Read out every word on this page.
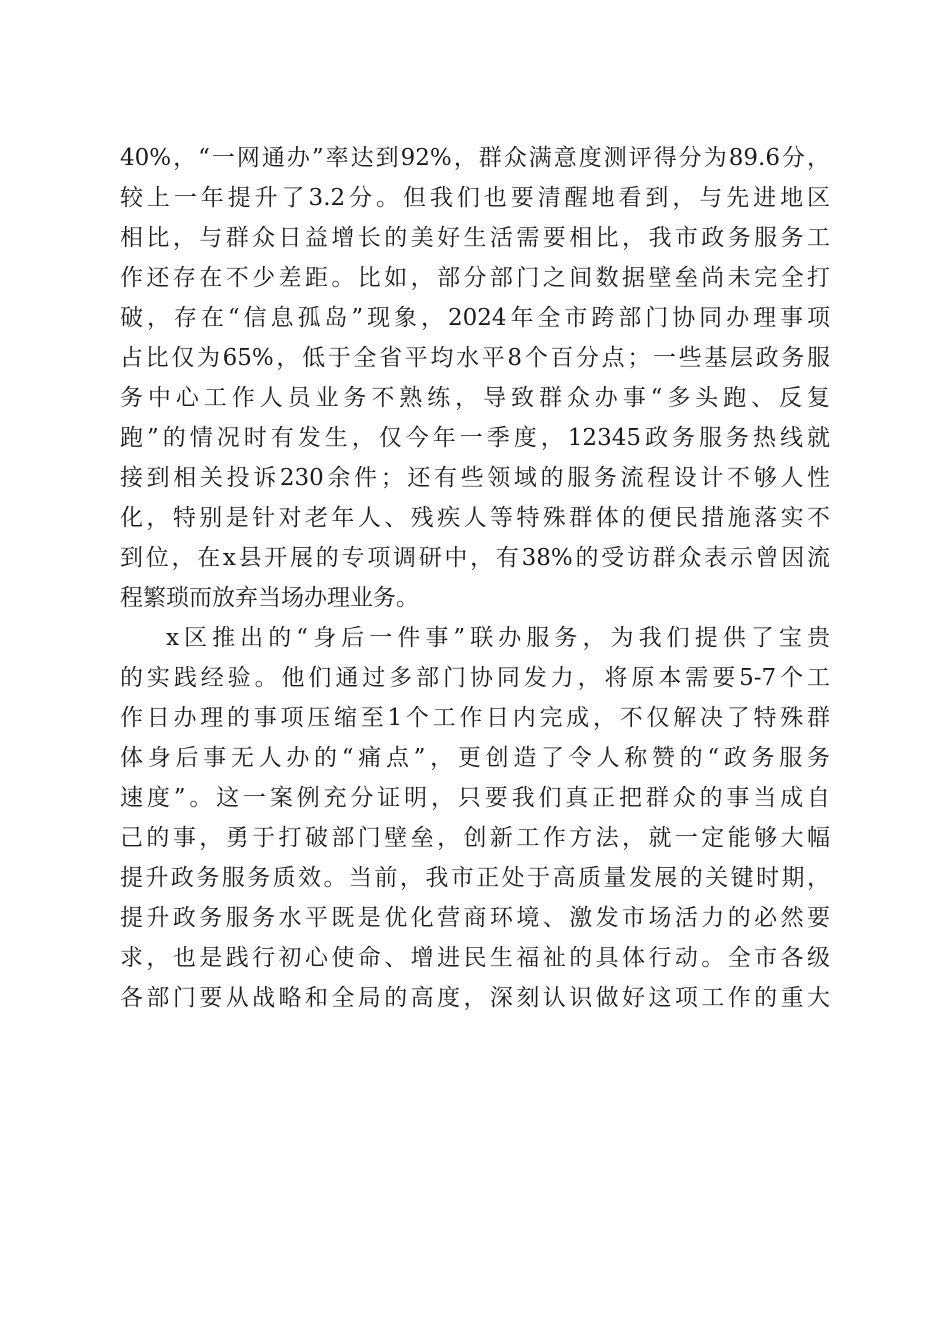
40%，“一网通办”率达到92%，群众满意度测评得分为89.6分，
较上一年提升了3.2分。但我们也要清醒地看到，与先进地区
相比，与群众日益增长的美好生活需要相比，我市政务服务工
作还存在不少差距。比如，部分部门之间数据壁垒尚未完全打
破，存在“信息孤岛”现象，2024年全市跨部门协同办理事项
占比仅为65%，低于全省平均水平8个百分点；一些基层政务服
务中心工作人员业务不熟练，导致群众办事“多头跑、反复
跑”的情况时有发生，仅今年一季度，12345政务服务热线就
接到相关投诉230余件；还有些领域的服务流程设计不够人性
化，特别是针对老年人、残疾人等特殊群体的便民措施落实不
到位，在x县开展的专项调研中，有38%的受访群众表示曾因流
程繁琐而放弃当场办理业务。
x区推出的“身后一件事”联办服务，为我们提供了宝贵
的实践经验。他们通过多部门协同发力，将原本需要5-7个工
作日办理的事项压缩至1个工作日内完成，不仅解决了特殊群
体身后事无人办的“痛点”，更创造了令人称赞的“政务服务
速度”。这一案例充分证明，只要我们真正把群众的事当成自
己的事，勇于打破部门壁垒，创新工作方法，就一定能够大幅
提升政务服务质效。当前，我市正处于高质量发展的关键时期，
提升政务服务水平既是优化营商环境、激发市场活力的必然要
求，也是践行初心使命、增进民生福祉的具体行动。全市各级
各部门要从战略和全局的高度，深刻认识做好这项工作的重大
